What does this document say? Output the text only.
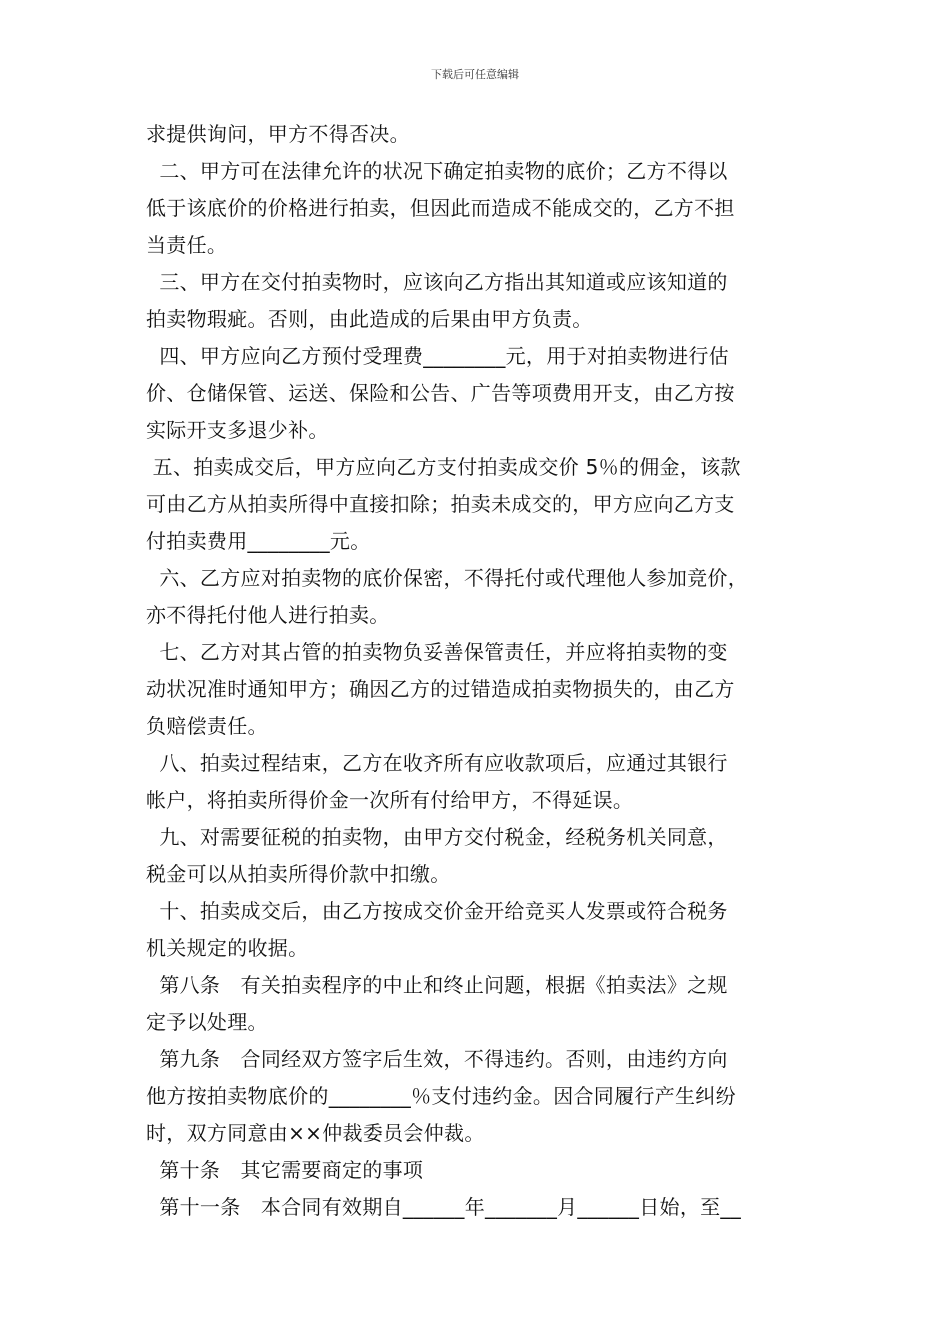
下载后可任意编辑
求提供询问，甲方不得否决。
二、甲方可在法律允许的状况下确定拍卖物的底价；乙方不得以
低于该底价的价格进行拍卖，但因此而造成不能成交的，乙方不担
当责任。
三、甲方在交付拍卖物时，应该向乙方指出其知道或应该知道的
拍卖物瑕疵。否则，由此造成的后果由甲方负责。
四、甲方应向乙方预付受理费________元，用于对拍卖物进行估
价、仓储保管、运送、保险和公告、广告等项费用开支，由乙方按
实际开支多退少补。
五、拍卖成交后，甲方应向乙方支付拍卖成交价 5％的佣金，该款
可由乙方从拍卖所得中直接扣除；拍卖未成交的，甲方应向乙方支
付拍卖费用________元。
六、乙方应对拍卖物的底价保密，不得托付或代理他人参加竞价，
亦不得托付他人进行拍卖。
七、乙方对其占管的拍卖物负妥善保管责任，并应将拍卖物的变
动状况准时通知甲方；确因乙方的过错造成拍卖物损失的，由乙方
负赔偿责任。
八、拍卖过程结束，乙方在收齐所有应收款项后，应通过其银行
帐户，将拍卖所得价金一次所有付给甲方，不得延误。
九、对需要征税的拍卖物，由甲方交付税金，经税务机关同意，
税金可以从拍卖所得价款中扣缴。
十、拍卖成交后，由乙方按成交价金开给竞买人发票或符合税务
机关规定的收据。
第八条　有关拍卖程序的中止和终止问题，根据《拍卖法》之规
定予以处理。
第九条　合同经双方签字后生效，不得违约。否则，由违约方向
他方按拍卖物底价的________％支付违约金。因合同履行产生纠纷
时，双方同意由××仲裁委员会仲裁。
第十条　其它需要商定的事项
第十一条　本合同有效期自______年_______月______日始，至__
